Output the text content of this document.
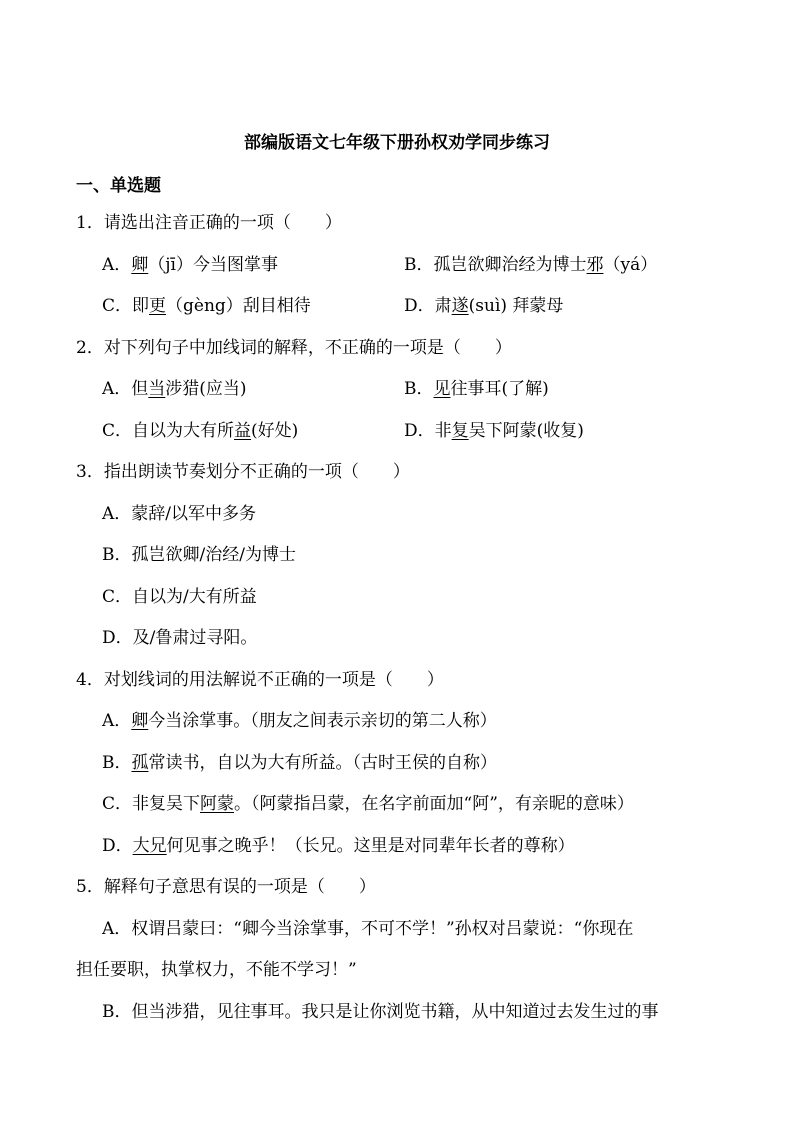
部编版语文七年级下册孙权劝学同步练习
一、单选题
1．请选出注音正确的一项（　　）
A．卿（jī）今当图掌事	B．孤岂欲卿治经为博士邪（yá）
C．即更（gèng）刮目相待	D．肃遂(suì) 拜蒙母
2．对下列句子中加线词的解释，不正确的一项是（　　）
A．但当涉猎(应当)	B．见往事耳(了解)
C．自以为大有所益(好处)	D．非复吴下阿蒙(收复)
3．指出朗读节奏划分不正确的一项（　　）
A．蒙辞/以军中多务
B．孤岂欲卿/治经/为博士
C．自以为/大有所益
D．及/鲁肃过寻阳。
4．对划线词的用法解说不正确的一项是（　　）
A．卿今当涂掌事。（朋友之间表示亲切的第二人称）
B．孤常读书，自以为大有所益。（古时王侯的自称）
C．非复吴下阿蒙。（阿蒙指吕蒙，在名字前面加“阿”，有亲昵的意味）
D．大兄何见事之晚乎！（长兄。这里是对同辈年长者的尊称）
5．解释句子意思有误的一项是（　　）
A．权谓吕蒙曰：“卿今当涂掌事，不可不学！”孙权对吕蒙说：“你现在
担任要职，执掌权力，不能不学习！”
B．但当涉猎，见往事耳。我只是让你浏览书籍，从中知道过去发生过的事
